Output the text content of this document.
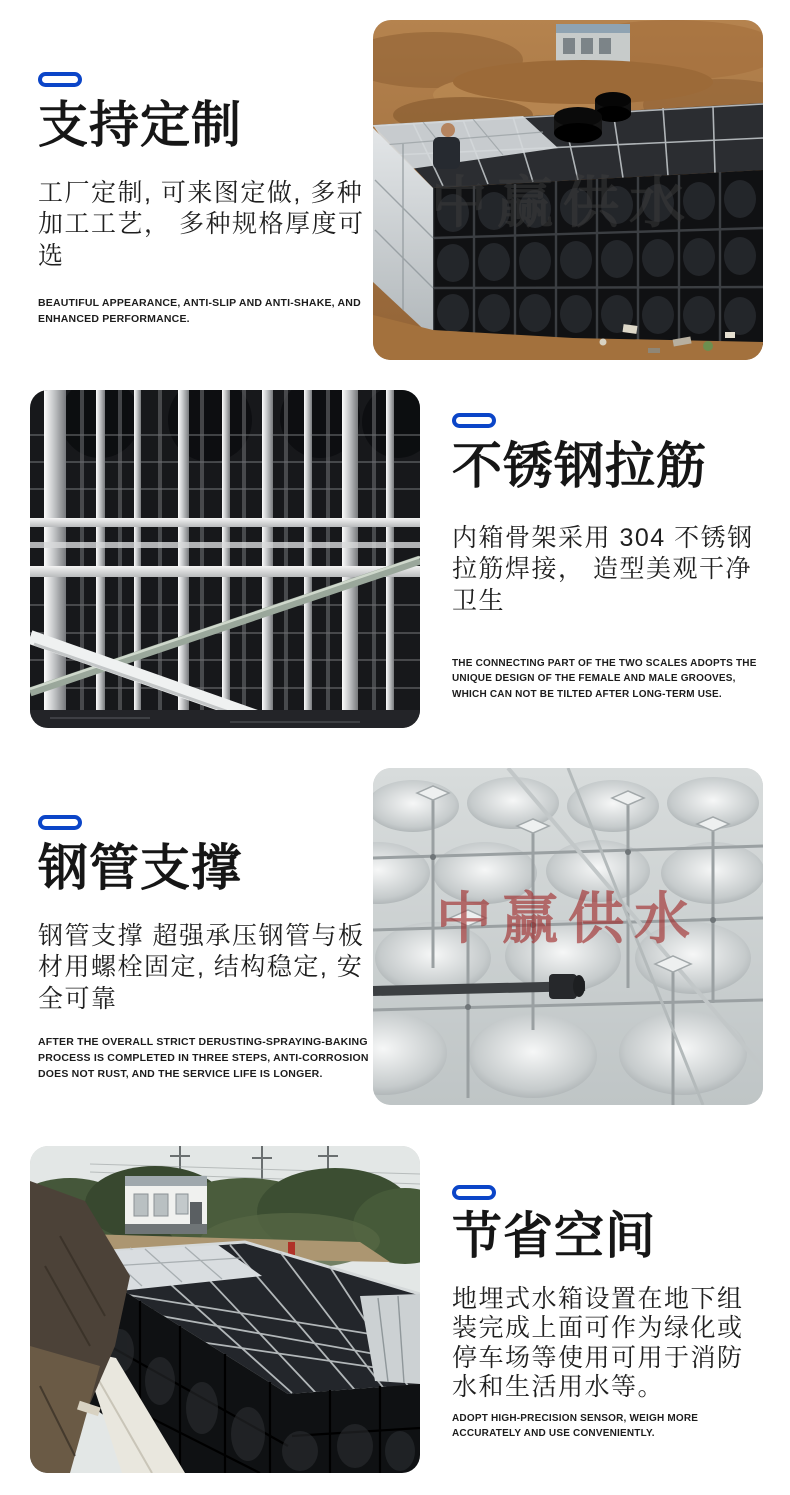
支持定制
工厂定制, 可来图定做, 多种加工工艺， 多种规格厚度可选
BEAUTIFUL APPEARANCE, ANTI-SLIP AND ANTI-SHAKE, AND ENHANCED PERFORMANCE.
中赢供水
不锈钢拉筋
内箱骨架采用 304 不锈钢拉筋焊接， 造型美观干净卫生
THE CONNECTING PART OF THE TWO SCALES ADOPTS THE UNIQUE DESIGN OF THE FEMALE AND MALE GROOVES, WHICH CAN NOT BE TILTED AFTER LONG-TERM USE.
钢管支撑
钢管支撑 超强承压钢管与板材用螺栓固定, 结构稳定, 安全可靠
AFTER THE OVERALL STRICT DERUSTING-SPRAYING-BAKING PROCESS IS COMPLETED IN THREE STEPS, ANTI-CORROSION DOES NOT RUST, AND THE SERVICE LIFE IS LONGER.
中赢供水
节省空间
地埋式水箱设置在地下组装完成上面可作为绿化或停车场等使用可用于消防水和生活用水等。
ADOPT HIGH-PRECISION SENSOR, WEIGH MORE ACCURATELY AND USE CONVENIENTLY.
